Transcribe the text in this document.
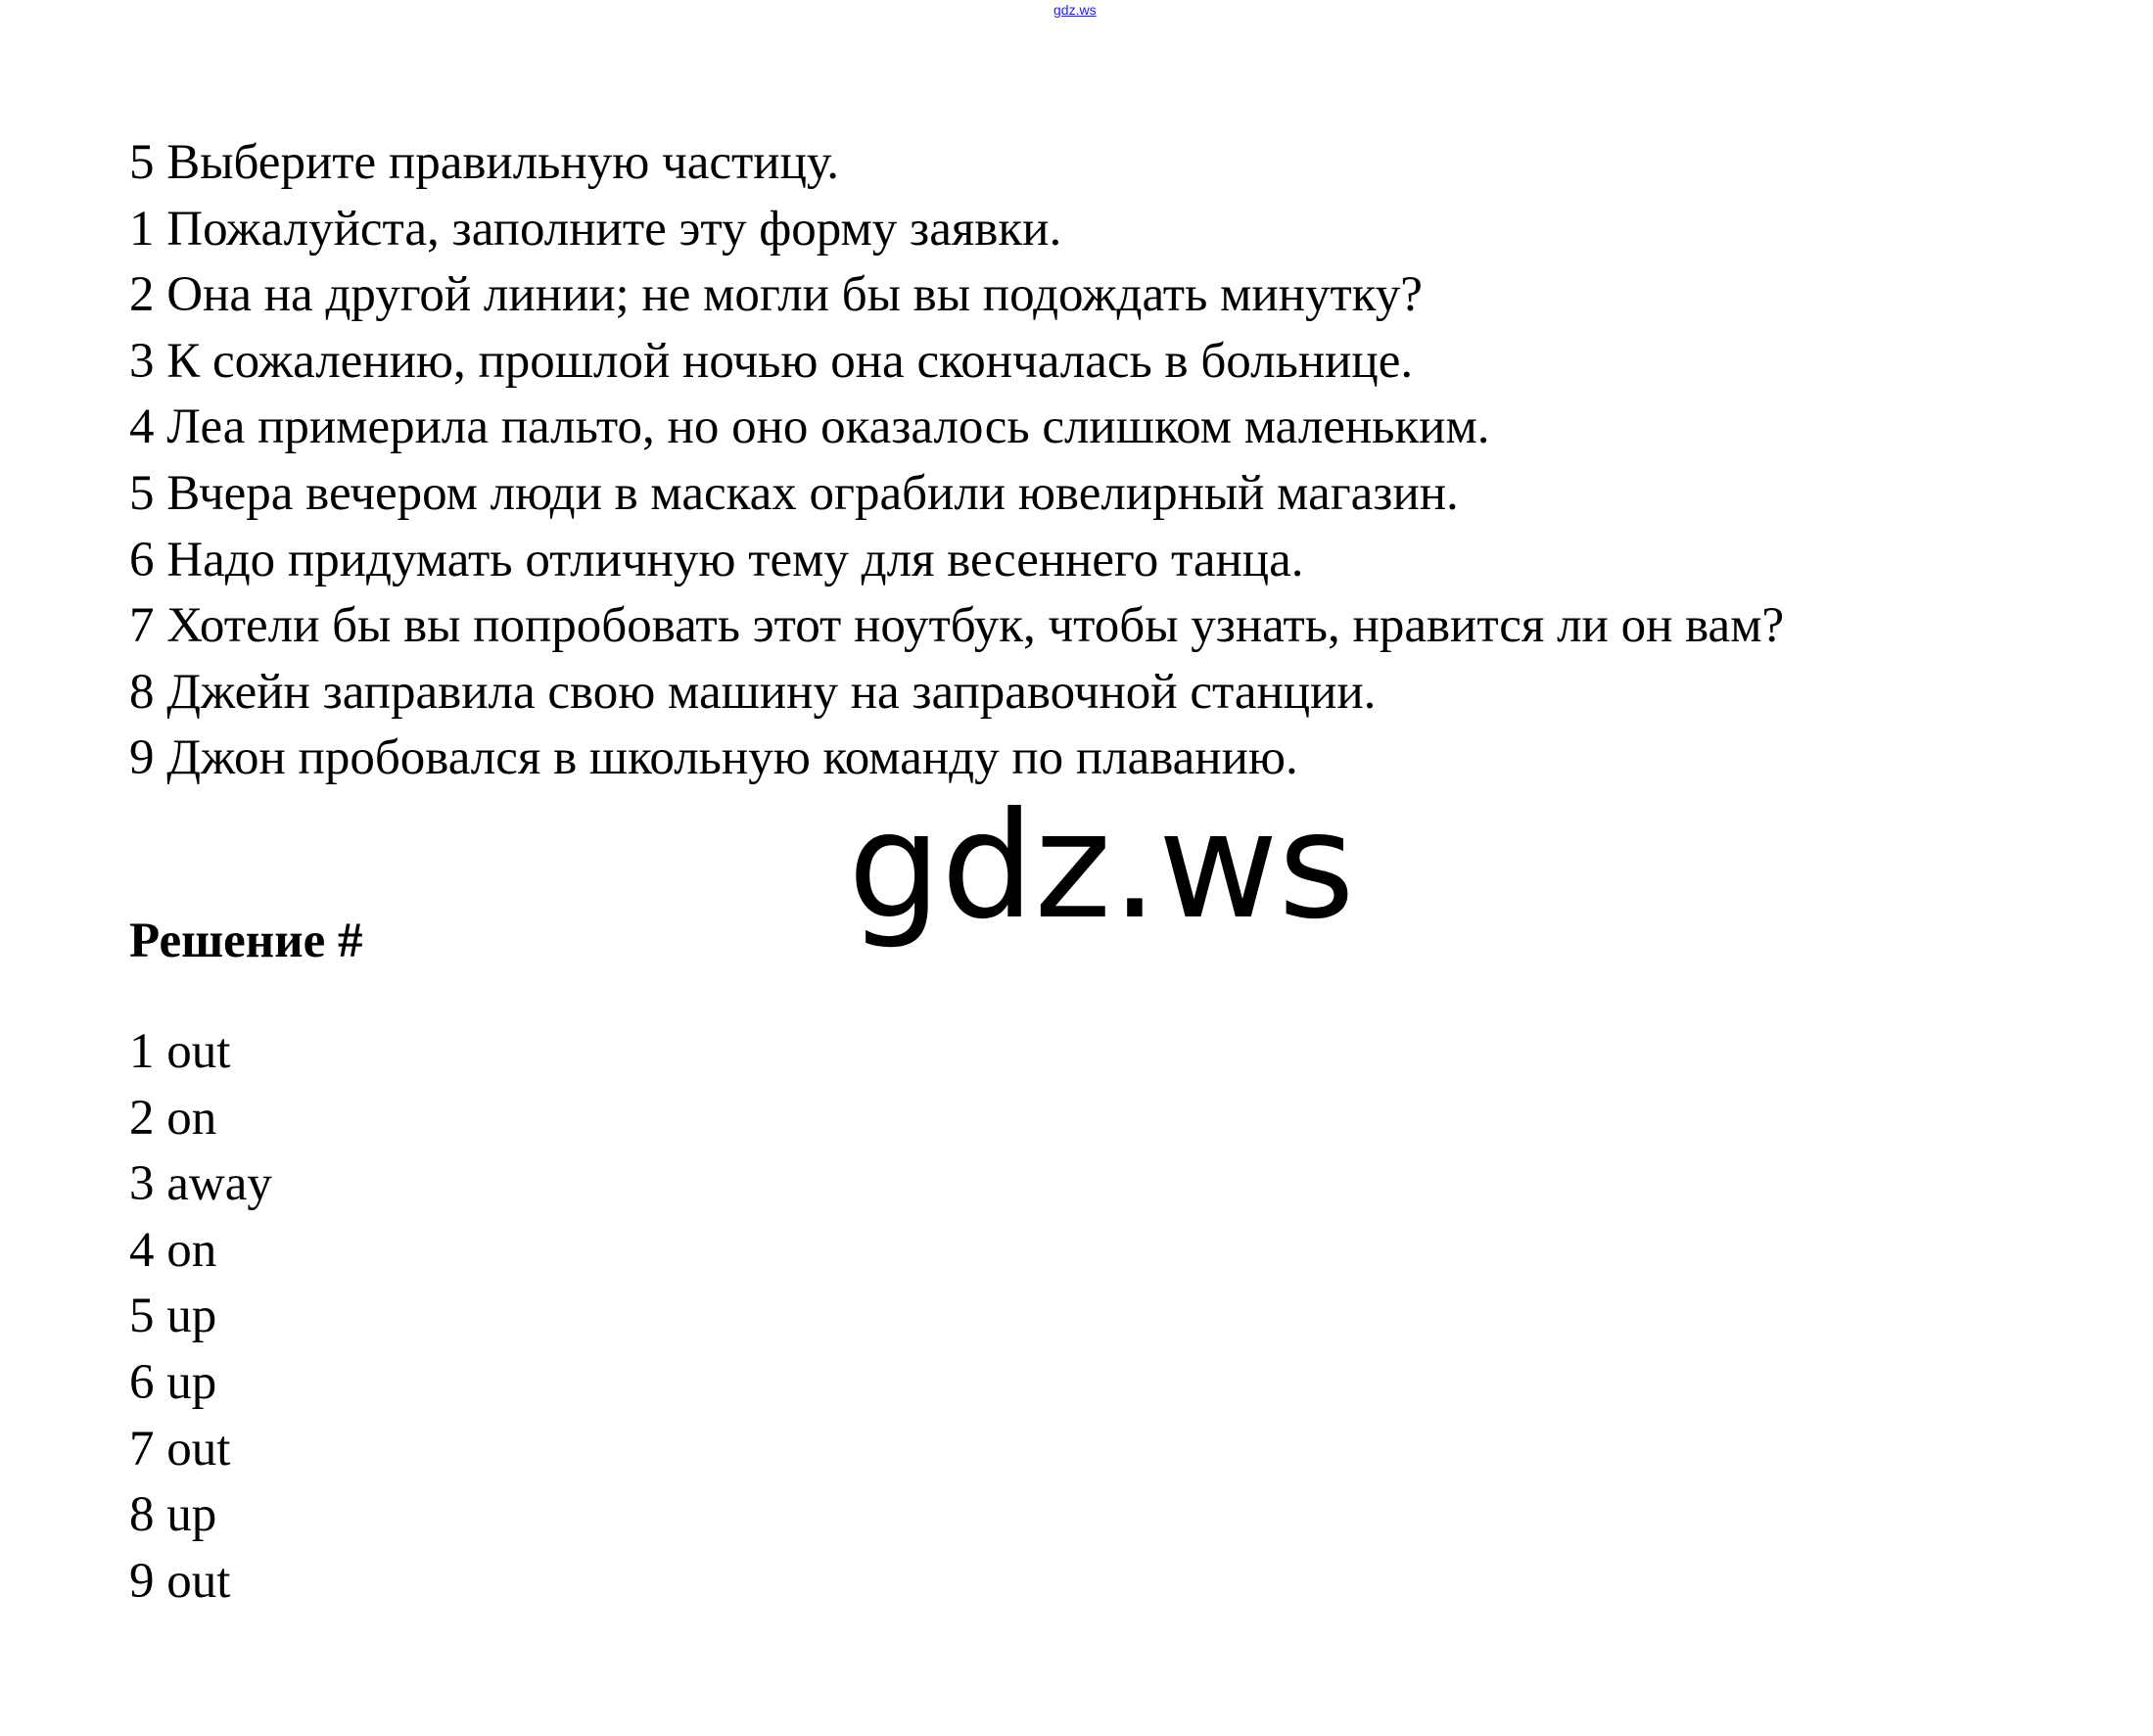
gdz.ws
5 Выберите правильную частицу.
1 Пожалуйста, заполните эту форму заявки.
2 Она на другой линии; не могли бы вы подождать минутку?
3 К сожалению, прошлой ночью она скончалась в больнице.
4 Леа примерила пальто, но оно оказалось слишком маленьким.
5 Вчера вечером люди в масках ограбили ювелирный магазин.
6 Надо придумать отличную тему для весеннего танца.
7 Хотели бы вы попробовать этот ноутбук, чтобы узнать, нравится ли он вам?
8 Джейн заправила свою машину на заправочной станции.
9 Джон пробовался в школьную команду по плаванию.
gdz.ws
Решение #
1 out
2 on
3 away
4 on
5 up
6 up
7 out
8 up
9 out
